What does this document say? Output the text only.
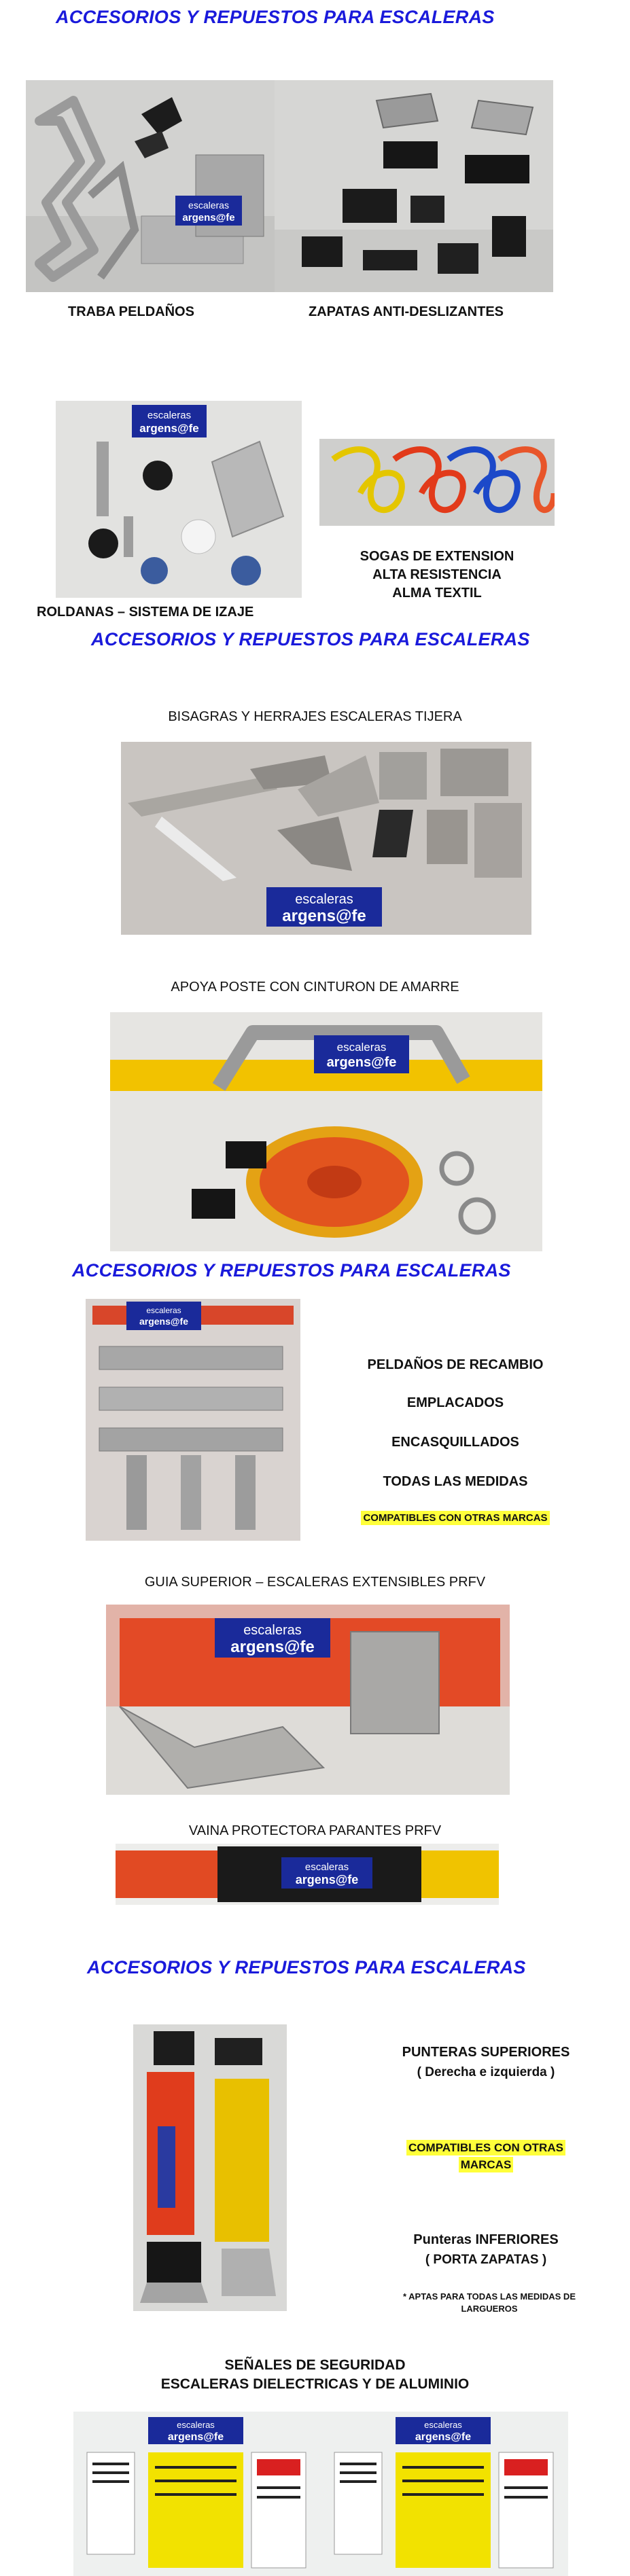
ACCESORIOS Y REPUESTOS PARA ESCALERAS
escaleras
argens@fe
TRABA PELDAÑOS	ZAPATAS ANTI-DESLIZANTES
escaleras
argens@fe
SOGAS DE EXTENSION
ALTA RESISTENCIA
ALMA TEXTIL
ROLDANAS – SISTEMA DE IZAJE
ACCESORIOS Y REPUESTOS PARA ESCALERAS
BISAGRAS Y HERRAJES ESCALERAS TIJERA
escaleras
argens@fe
APOYA POSTE CON CINTURON DE AMARRE
escaleras
argens@fe
ACCESORIOS Y REPUESTOS PARA ESCALERAS
escaleras
argens@fe
PELDAÑOS DE RECAMBIO
EMPLACADOS
ENCASQUILLADOS
TODAS LAS MEDIDAS
COMPATIBLES CON OTRAS MARCAS
GUIA SUPERIOR – ESCALERAS EXTENSIBLES PRFV
escaleras
argens@fe
VAINA PROTECTORA PARANTES PRFV
escaleras
argens@fe
ACCESORIOS Y REPUESTOS PARA ESCALERAS
PUNTERAS SUPERIORES
( Derecha e izquierda )
COMPATIBLES CON OTRAS
MARCAS
Punteras INFERIORES
( PORTA ZAPATAS )
* APTAS PARA TODAS LAS MEDIDAS DE
LARGUEROS
SEÑALES DE SEGURIDAD
ESCALERAS DIELECTRICAS Y DE ALUMINIO
escaleras
argens@fe
escaleras
argens@fe
